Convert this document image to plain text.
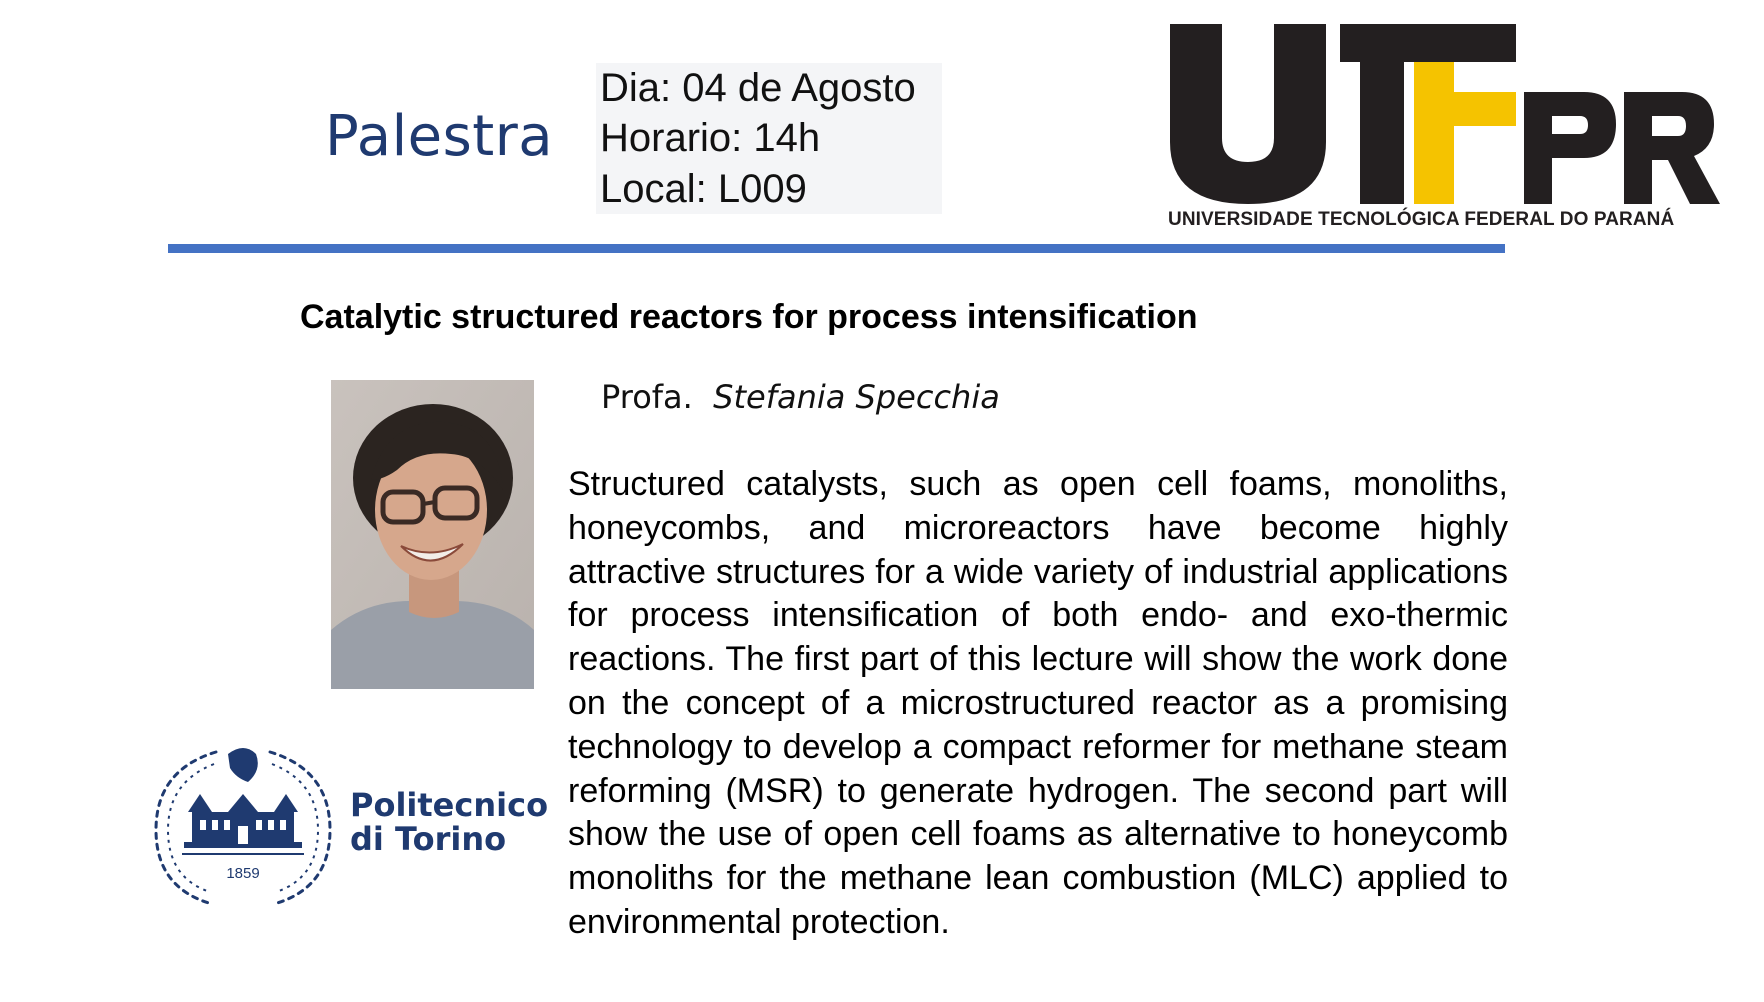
Palestra
Dia: 04 de Agosto
Horario: 14h
Local: L009
UNIVERSIDADE TECNOLÓGICA FEDERAL DO PARANÁ
Catalytic structured reactors for process intensification
Profa. Stefania Specchia
Structured catalysts, such as open cell foams, monoliths, honeycombs, and microreactors have become highly attractive structures for a wide variety of industrial applications for process intensification of both endo- and exo-thermic reactions. The first part of this lecture will show the work done on the concept of a microstructured reactor as a promising technology to develop a compact reformer for methane steam reforming (MSR) to generate hydrogen. The second part will show the use of open cell foams as alternative to honeycomb monoliths for the methane lean combustion (MLC) applied to environmental protection.
1859
Politecnico
di Torino
